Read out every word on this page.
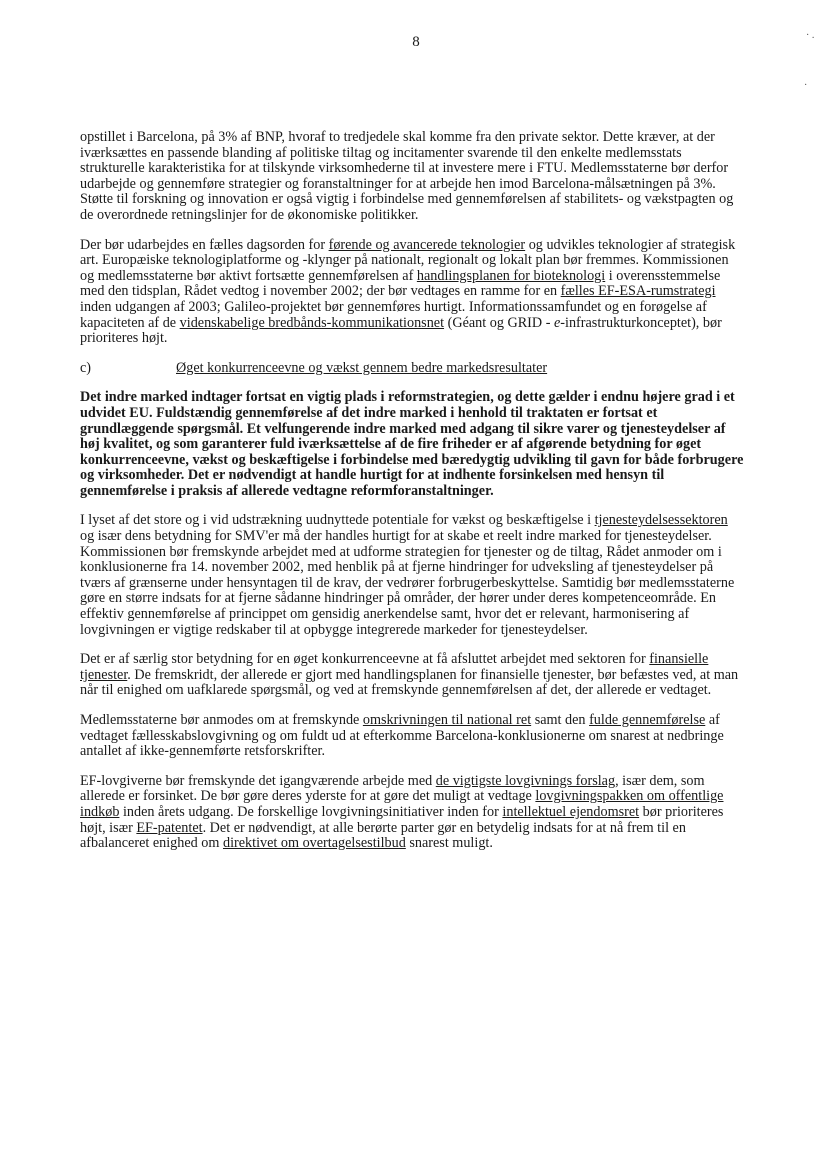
8	· .
·

opstillet i Barcelona, på 3% af BNP, hvoraf to tredjedele skal komme fra den private sektor. Dette kræver, at der iværksættes en passende blanding af politiske tiltag og incitamenter svarende til den enkelte medlemsstats strukturelle karakteristika for at tilskynde virksomhederne til at investere mere i FTU. Medlemsstaterne bør derfor udarbejde og gennemføre strategier og foranstaltninger for at arbejde hen imod Barcelona-målsætningen på 3%. Støtte til forskning og innovation er også vigtig i forbindelse med gennemførelsen af stabilitets- og vækstpagten og de overordnede retningslinjer for de økonomiske politikker.

Der bør udarbejdes en fælles dagsorden for førende og avancerede teknologier og udvikles teknologier af strategisk art. Europæiske teknologiplatforme og -klynger på nationalt, regionalt og lokalt plan bør fremmes. Kommissionen og medlemsstaterne bør aktivt fortsætte gennemførelsen af handlingsplanen for bioteknologi i overensstemmelse med den tidsplan, Rådet vedtog i november 2002; der bør vedtages en ramme for en fælles EF-ESA-rumstrategi inden udgangen af 2003; Galileo-projektet bør gennemføres hurtigt. Informationssamfundet og en forøgelse af kapaciteten af de videnskabelige bredbånds-kommunikationsnet (Géant og GRID - e-infrastrukturkonceptet), bør prioriteres højt.

c)	Øget konkurrenceevne og vækst gennem bedre markedsresultater

Det indre marked indtager fortsat en vigtig plads i reformstrategien, og dette gælder i endnu højere grad i et udvidet EU. Fuldstændig gennemførelse af det indre marked i henhold til traktaten er fortsat et grundlæggende spørgsmål. Et velfungerende indre marked med adgang til sikre varer og tjenesteydelser af høj kvalitet, og som garanterer fuld iværksættelse af de fire friheder er af afgørende betydning for øget konkurrenceevne, vækst og beskæftigelse i forbindelse med bæredygtig udvikling til gavn for både forbrugere og virksomheder. Det er nødvendigt at handle hurtigt for at indhente forsinkelsen med hensyn til gennemførelse i praksis af allerede vedtagne reformforanstaltninger.

I lyset af det store og i vid udstrækning uudnyttede potentiale for vækst og beskæftigelse i tjenesteydelsessektoren og især dens betydning for SMV'er må der handles hurtigt for at skabe et reelt indre marked for tjenesteydelser. Kommissionen bør fremskynde arbejdet med at udforme strategien for tjenester og de tiltag, Rådet anmoder om i konklusionerne fra 14. november 2002, med henblik på at fjerne hindringer for udveksling af tjenesteydelser på tværs af grænserne under hensyntagen til de krav, der vedrører forbrugerbeskyttelse. Samtidig bør medlemsstaterne gøre en større indsats for at fjerne sådanne hindringer på områder, der hører under deres kompetenceområde. En effektiv gennemførelse af princippet om gensidig anerkendelse samt, hvor det er relevant, harmonisering af lovgivningen er vigtige redskaber til at opbygge integrerede markeder for tjenesteydelser.

Det er af særlig stor betydning for en øget konkurrenceevne at få afsluttet arbejdet med sektoren for finansielle tjenester. De fremskridt, der allerede er gjort med handlingsplanen for finansielle tjenester, bør befæstes ved, at man når til enighed om uafklarede spørgsmål, og ved at fremskynde gennemførelsen af det, der allerede er vedtaget.

Medlemsstaterne bør anmodes om at fremskynde omskrivningen til national ret samt den fulde gennemførelse af vedtaget fællesskabslovgivning og om fuldt ud at efterkomme Barcelona-konklusionerne om snarest at nedbringe antallet af ikke-gennemførte retsforskrifter.

EF-lovgiverne bør fremskynde det igangværende arbejde med de vigtigste lovgivnings forslag, især dem, som allerede er forsinket. De bør gøre deres yderste for at gøre det muligt at vedtage lovgivningspakken om offentlige indkøb inden årets udgang. De forskellige lovgivningsinitiativer inden for intellektuel ejendomsret bør prioriteres højt, især EF-patentet. Det er nødvendigt, at alle berørte parter gør en betydelig indsats for at nå frem til en afbalanceret enighed om direktivet om overtagelsestilbud snarest muligt.
